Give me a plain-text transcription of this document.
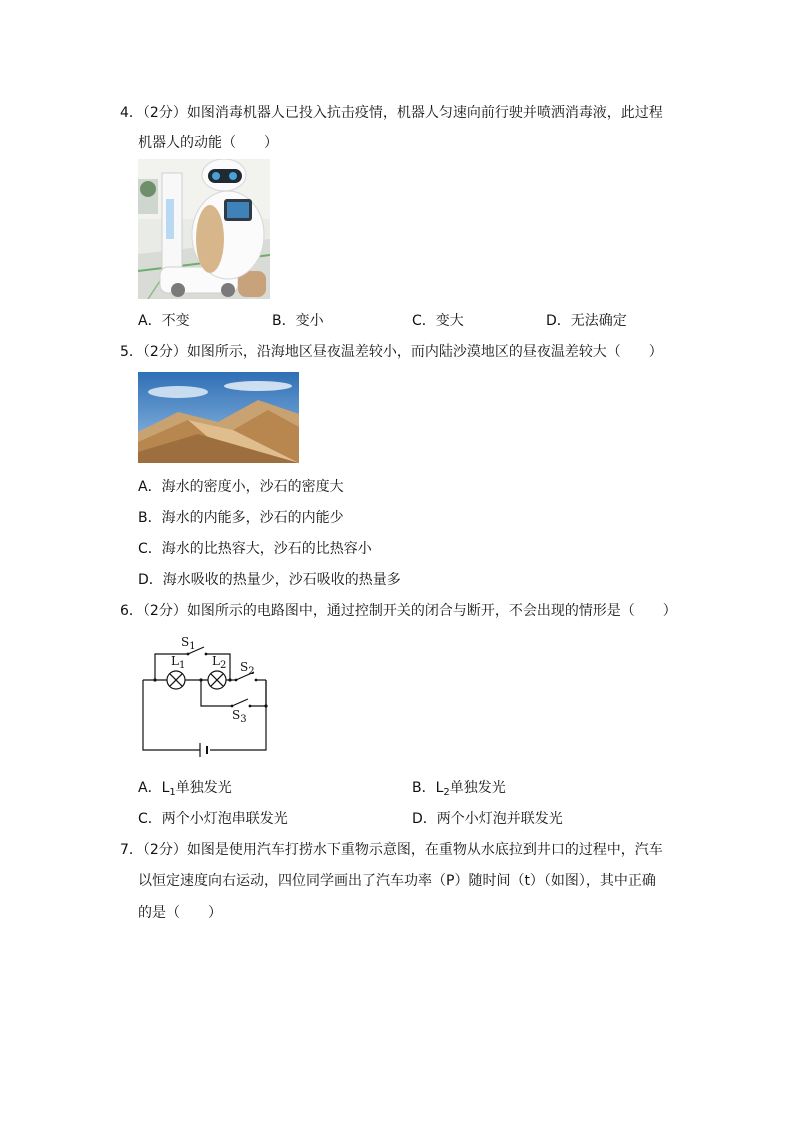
4．（2分）如图消毒机器人已投入抗击疫情，机器人匀速向前行驶并喷洒消毒液，此过程
机器人的动能（　　）
A．不变	B．变小	C．变大	D．无法确定
5．（2分）如图所示，沿海地区昼夜温差较小，而内陆沙漠地区的昼夜温差较大（　　）
A．海水的密度小，沙石的密度大
B．海水的内能多，沙石的内能少
C．海水的比热容大，沙石的比热容小
D．海水吸收的热量少，沙石吸收的热量多
6．（2分）如图所示的电路图中，通过控制开关的闭合与断开，不会出现的情形是（　　）
$S_1$
$L_1$ $L_2$ $S_2$
$S_3$
A．$L_1$单独发光	B．$L_2$单独发光
C．两个小灯泡串联发光	D．两个小灯泡并联发光
7．（2分）如图是使用汽车打捞水下重物示意图，在重物从水底拉到井口的过程中，汽车
以恒定速度向右运动，四位同学画出了汽车功率（P）随时间（t）（如图），其中正确
的是（　　）
